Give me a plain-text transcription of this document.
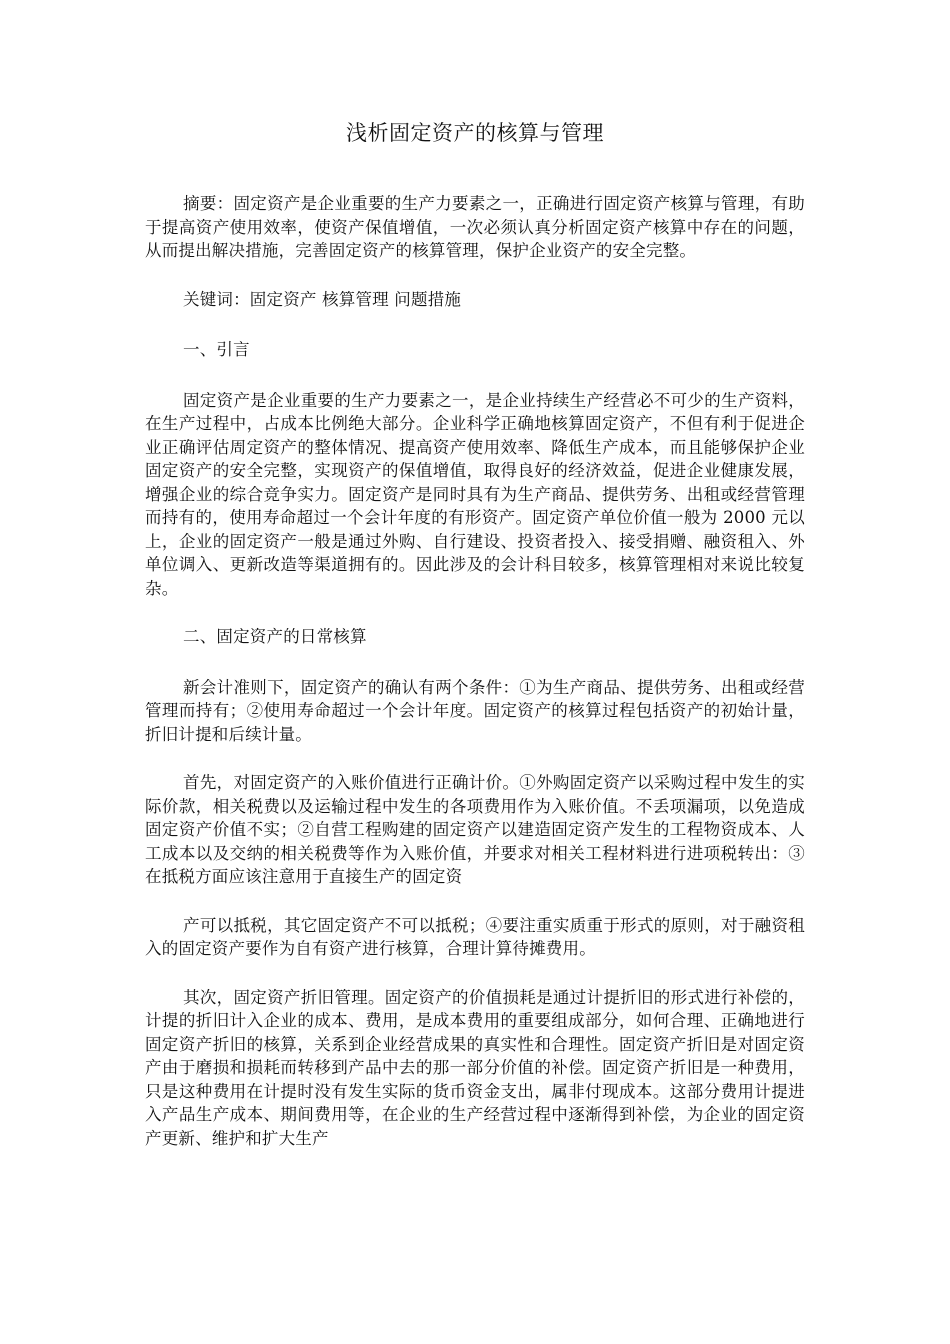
浅析固定资产的核算与管理

摘要：固定资产是企业重要的生产力要素之一，正确进行固定资产核算与管理，有助于提高资产使用效率，使资产保值增值，一次必须认真分析固定资产核算中存在的问题，从而提出解决措施，完善固定资产的核算管理，保护企业资产的安全完整。

关键词：固定资产 核算管理 问题措施

一、引言

固定资产是企业重要的生产力要素之一，是企业持续生产经营必不可少的生产资料，在生产过程中，占成本比例绝大部分。企业科学正确地核算固定资产，不但有利于促进企业正确评估周定资产的整体情况、提高资产使用效率、降低生产成本，而且能够保护企业固定资产的安全完整，实现资产的保值增值，取得良好的经济效益，促进企业健康发展，增强企业的综合竞争实力。固定资产是同时具有为生产商品、提供劳务、出租或经营管理而持有的，使用寿命超过一个会计年度的有形资产。固定资产单位价值一般为 2000 元以上，企业的固定资产一般是通过外购、自行建设、投资者投入、接受捐赠、融资租入、外单位调入、更新改造等渠道拥有的。因此涉及的会计科目较多，核算管理相对来说比较复杂。

二、固定资产的日常核算

新会计准则下，固定资产的确认有两个条件：①为生产商品、提供劳务、出租或经营管理而持有；②使用寿命超过一个会计年度。固定资产的核算过程包括资产的初始计量，折旧计提和后续计量。

首先，对固定资产的入账价值进行正确计价。①外购固定资产以采购过程中发生的实际价款，相关税费以及运输过程中发生的各项费用作为入账价值。不丢项漏项，以免造成固定资产价值不实；②自营工程购建的固定资产以建造固定资产发生的工程物资成本、人工成本以及交纳的相关税费等作为入账价值，并要求对相关工程材料进行进项税转出：③在抵税方面应该注意用于直接生产的固定资

产可以抵税，其它固定资产不可以抵税；④要注重实质重于形式的原则，对于融资租入的固定资产要作为自有资产进行核算，合理计算待摊费用。

其次，固定资产折旧管理。固定资产的价值损耗是通过计提折旧的形式进行补偿的，计提的折旧计入企业的成本、费用，是成本费用的重要组成部分，如何合理、正确地进行固定资产折旧的核算，关系到企业经营成果的真实性和合理性。固定资产折旧是对固定资产由于磨损和损耗而转移到产品中去的那一部分价值的补偿。固定资产折旧是一种费用，只是这种费用在计提时没有发生实际的货币资金支出，属非付现成本。这部分费用计提进入产品生产成本、期间费用等，在企业的生产经营过程中逐渐得到补偿，为企业的固定资产更新、维护和扩大生产
